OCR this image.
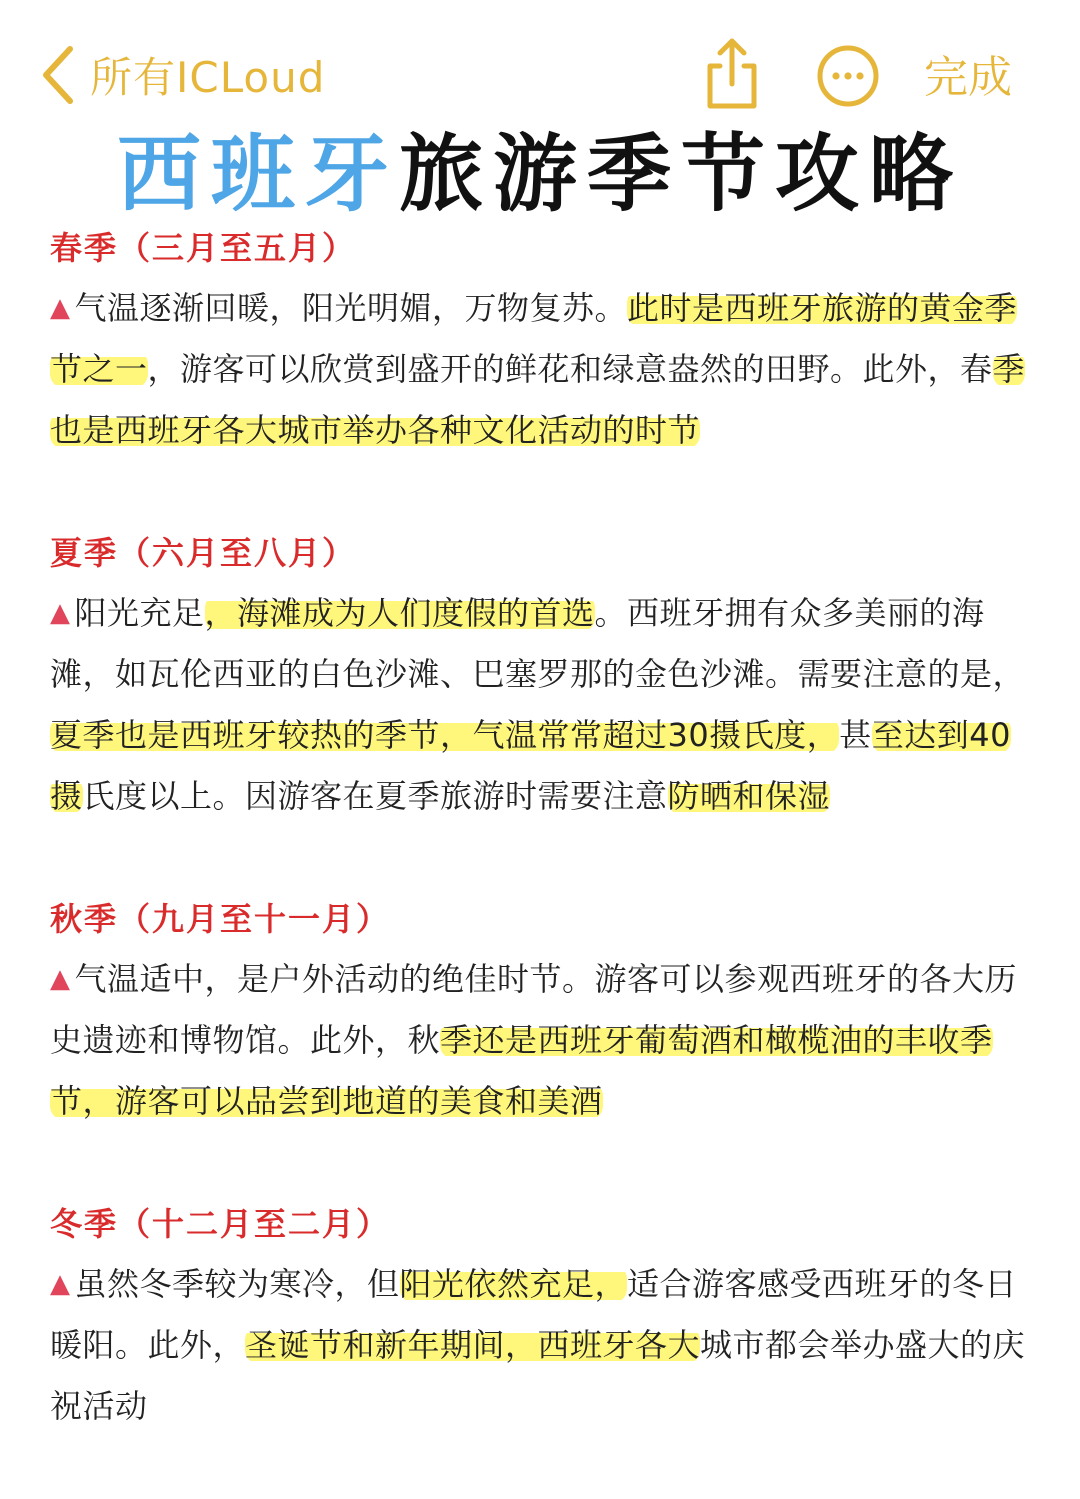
所有ICLoud	完成
西班牙旅游季节攻略
春季（三月至五月）
▲ 气温逐渐回暖，阳光明媚，万物复苏。此时是西班牙旅游的黄金季节之一，游客可以欣赏到盛开的鲜花和绿意盎然的田野。此外，春季也是西班牙各大城市举办各种文化活动的时节
夏季（六月至八月）
▲ 阳光充足，海滩成为人们度假的首选。西班牙拥有众多美丽的海滩，如瓦伦西亚的白色沙滩、巴塞罗那的金色沙滩。需要注意的是，夏季也是西班牙较热的季节，气温常常超过30摄氏度，甚至达到40摄氏度以上。因游客在夏季旅游时需要注意防晒和保湿
秋季（九月至十一月）
▲ 气温适中，是户外活动的绝佳时节。游客可以参观西班牙的各大历史遗迹和博物馆。此外，秋季还是西班牙葡萄酒和橄榄油的丰收季节，游客可以品尝到地道的美食和美酒
冬季（十二月至二月）
▲ 虽然冬季较为寒冷，但阳光依然充足，适合游客感受西班牙的冬日暖阳。此外，圣诞节和新年期间，西班牙各大城市都会举办盛大的庆祝活动
